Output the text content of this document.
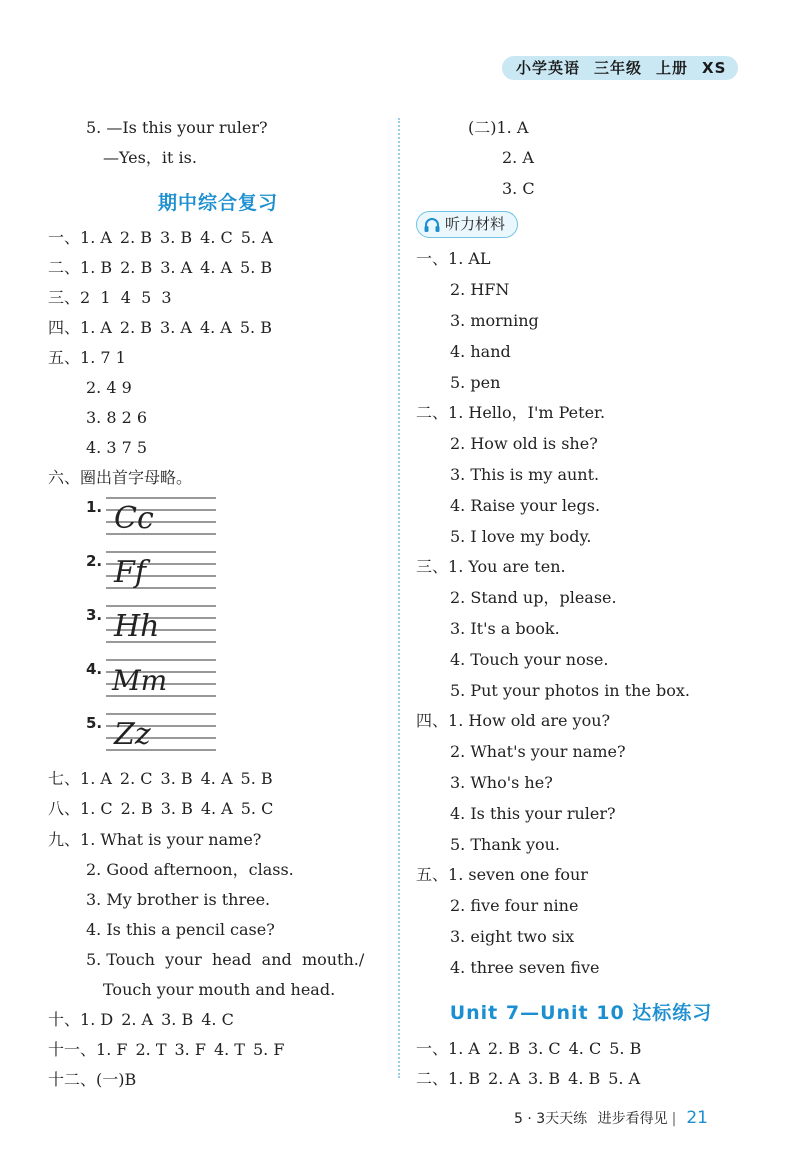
小学英语 三年级 上册 XS
5. —Is this your ruler?
—Yes，it is.
期中综合复习
一、1. A 2. B 3. B 4. C 5. A
二、1. B 2. B 3. A 4. A 5. B
三、2  1  4  5  3
四、1. A 2. B 3. A 4. A 5. B
五、1. 7 1
2. 4 9
3. 8 2 6
4. 3 7 5
六、圈出首字母略。
1. Cc
2. Ff
3. Hh
4. Mm
5. Zz
七、1. A 2. C 3. B 4. A 5. B
八、1. C 2. B 3. B 4. A 5. C
九、1. What is your name?
2. Good afternoon，class.
3. My brother is three.
4. Is this a pencil case?
5. Touch  your  head  and  mouth./
Touch your mouth and head.
十、1. D 2. A 3. B 4. C
十一、1. F 2. T 3. F 4. T 5. F
十二、(一)B
(二)1. A
2. A
3. C
听力材料
一、1. AL
2. HFN
3. morning
4. hand
5. pen
二、1. Hello，I'm Peter.
2. How old is she?
3. This is my aunt.
4. Raise your legs.
5. I love my body.
三、1. You are ten.
2. Stand up，please.
3. It's a book.
4. Touch your nose.
5. Put your photos in the box.
四、1. How old are you?
2. What's your name?
3. Who's he?
4. Is this your ruler?
5. Thank you.
五、1. seven one four
2. five four nine
3. eight two six
4. three seven five
Unit 7—Unit 10 达标练习
一、1. A 2. B 3. C 4. C 5. B
二、1. B 2. A 3. B 4. B 5. A
5 · 3天天练 进步看得见 | 21
